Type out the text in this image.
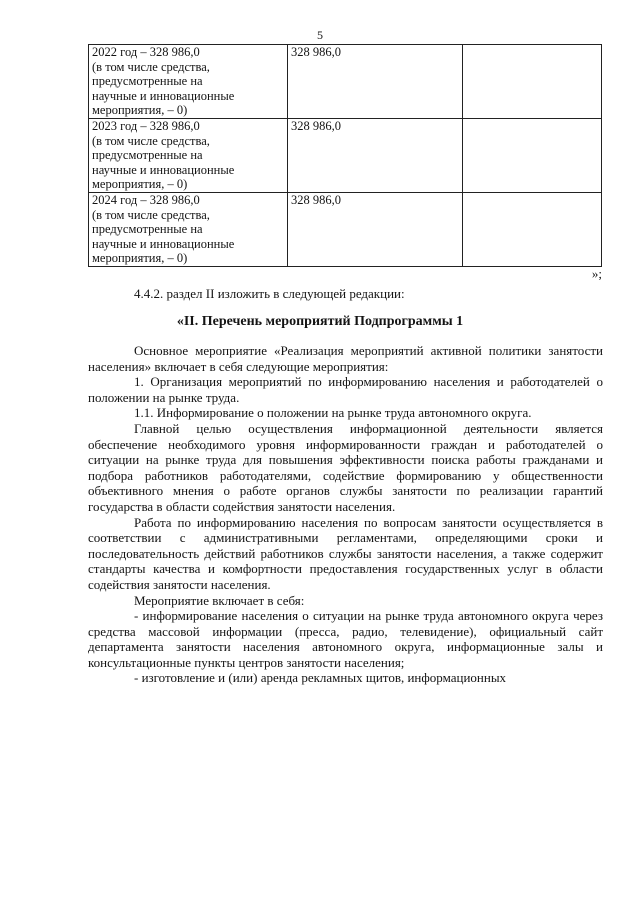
5
2022 год – 328 986,0
(в том числе средства,
предусмотренные на
научные и инновационные
мероприятия, – 0)	328 986,0	

2023 год – 328 986,0
(в том числе средства,
предусмотренные на
научные и инновационные
мероприятия, – 0)	328 986,0	

2024 год – 328 986,0
(в том числе средства,
предусмотренные на
научные и инновационные
мероприятия, – 0)	328 986,0	
»;
4.4.2. раздел II изложить в следующей редакции:
«II. Перечень мероприятий Подпрограммы 1
Основное мероприятие «Реализация мероприятий активной политики занятости населения» включает в себя следующие мероприятия:
1. Организация мероприятий по информированию населения и работодателей о положении на рынке труда.
1.1. Информирование о положении на рынке труда автономного округа.
Главной целью осуществления информационной деятельности является обеспечение необходимого уровня информированности граждан и работодателей о ситуации на рынке труда для повышения эффективности поиска работы гражданами и подбора работников работодателями, содействие формированию у общественности объективного мнения о работе органов службы занятости по реализации гарантий государства в области содействия занятости населения.
Работа по информированию населения по вопросам занятости осуществляется в соответствии с административными регламентами, определяющими сроки и последовательность действий работников службы занятости населения, а также содержит стандарты качества и комфортности предоставления государственных услуг в области содействия занятости населения.
Мероприятие включает в себя:
- информирование населения о ситуации на рынке труда автономного округа через средства массовой информации (пресса, радио, телевидение), официальный сайт департамента занятости населения автономного округа, информационные залы и консультационные пункты центров занятости населения;
- изготовление и (или) аренда рекламных щитов, информационных
